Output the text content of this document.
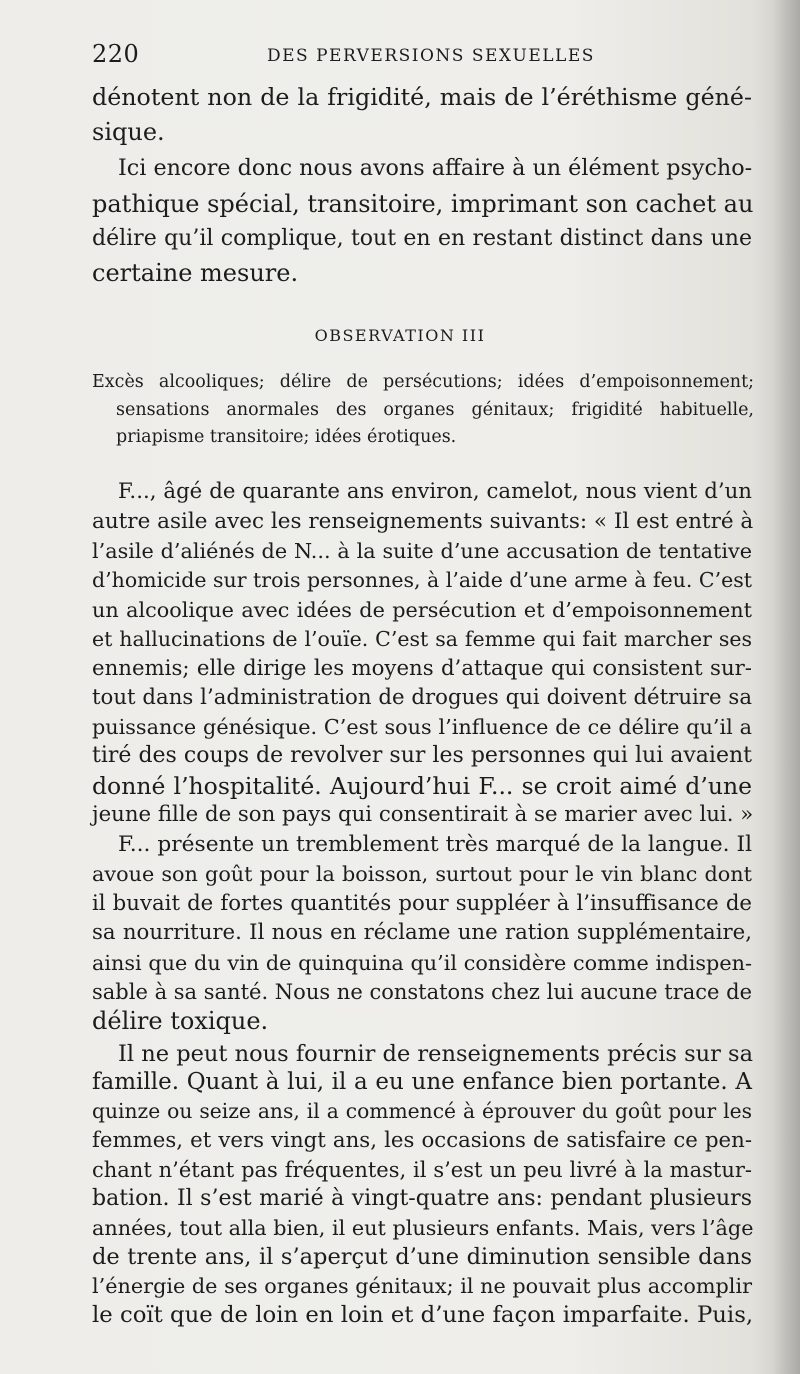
220	DES PERVERSIONS SEXUELLES
dénotent non de la frigidité, mais de l’éréthisme géné-
sique.
Ici encore donc nous avons affaire à un élément psycho-
pathique spécial, transitoire, imprimant son cachet au
délire qu’il complique, tout en en restant distinct dans une
certaine mesure.
OBSERVATION III
Excès alcooliques; délire de persécutions; idées d’empoisonnement;
sensations anormales des organes génitaux; frigidité habituelle,
priapisme transitoire; idées érotiques.
F..., âgé de quarante ans environ, camelot, nous vient d’un
autre asile avec les renseignements suivants: « Il est entré à
l’asile d’aliénés de N... à la suite d’une accusation de tentative
d’homicide sur trois personnes, à l’aide d’une arme à feu. C’est
un alcoolique avec idées de persécution et d’empoisonnement
et hallucinations de l’ouïe. C’est sa femme qui fait marcher ses
ennemis; elle dirige les moyens d’attaque qui consistent sur-
tout dans l’administration de drogues qui doivent détruire sa
puissance génésique. C’est sous l’influence de ce délire qu’il a
tiré des coups de revolver sur les personnes qui lui avaient
donné l’hospitalité. Aujourd’hui F... se croit aimé d’une
jeune fille de son pays qui consentirait à se marier avec lui. »
F... présente un tremblement très marqué de la langue. Il
avoue son goût pour la boisson, surtout pour le vin blanc dont
il buvait de fortes quantités pour suppléer à l’insuffisance de
sa nourriture. Il nous en réclame une ration supplémentaire,
ainsi que du vin de quinquina qu’il considère comme indispen-
sable à sa santé. Nous ne constatons chez lui aucune trace de
délire toxique.
Il ne peut nous fournir de renseignements précis sur sa
famille. Quant à lui, il a eu une enfance bien portante. A
quinze ou seize ans, il a commencé à éprouver du goût pour les
femmes, et vers vingt ans, les occasions de satisfaire ce pen-
chant n’étant pas fréquentes, il s’est un peu livré à la mastur-
bation. Il s’est marié à vingt-quatre ans: pendant plusieurs
années, tout alla bien, il eut plusieurs enfants. Mais, vers l’âge
de trente ans, il s’aperçut d’une diminution sensible dans
l’énergie de ses organes génitaux; il ne pouvait plus accomplir
le coït que de loin en loin et d’une façon imparfaite. Puis,
